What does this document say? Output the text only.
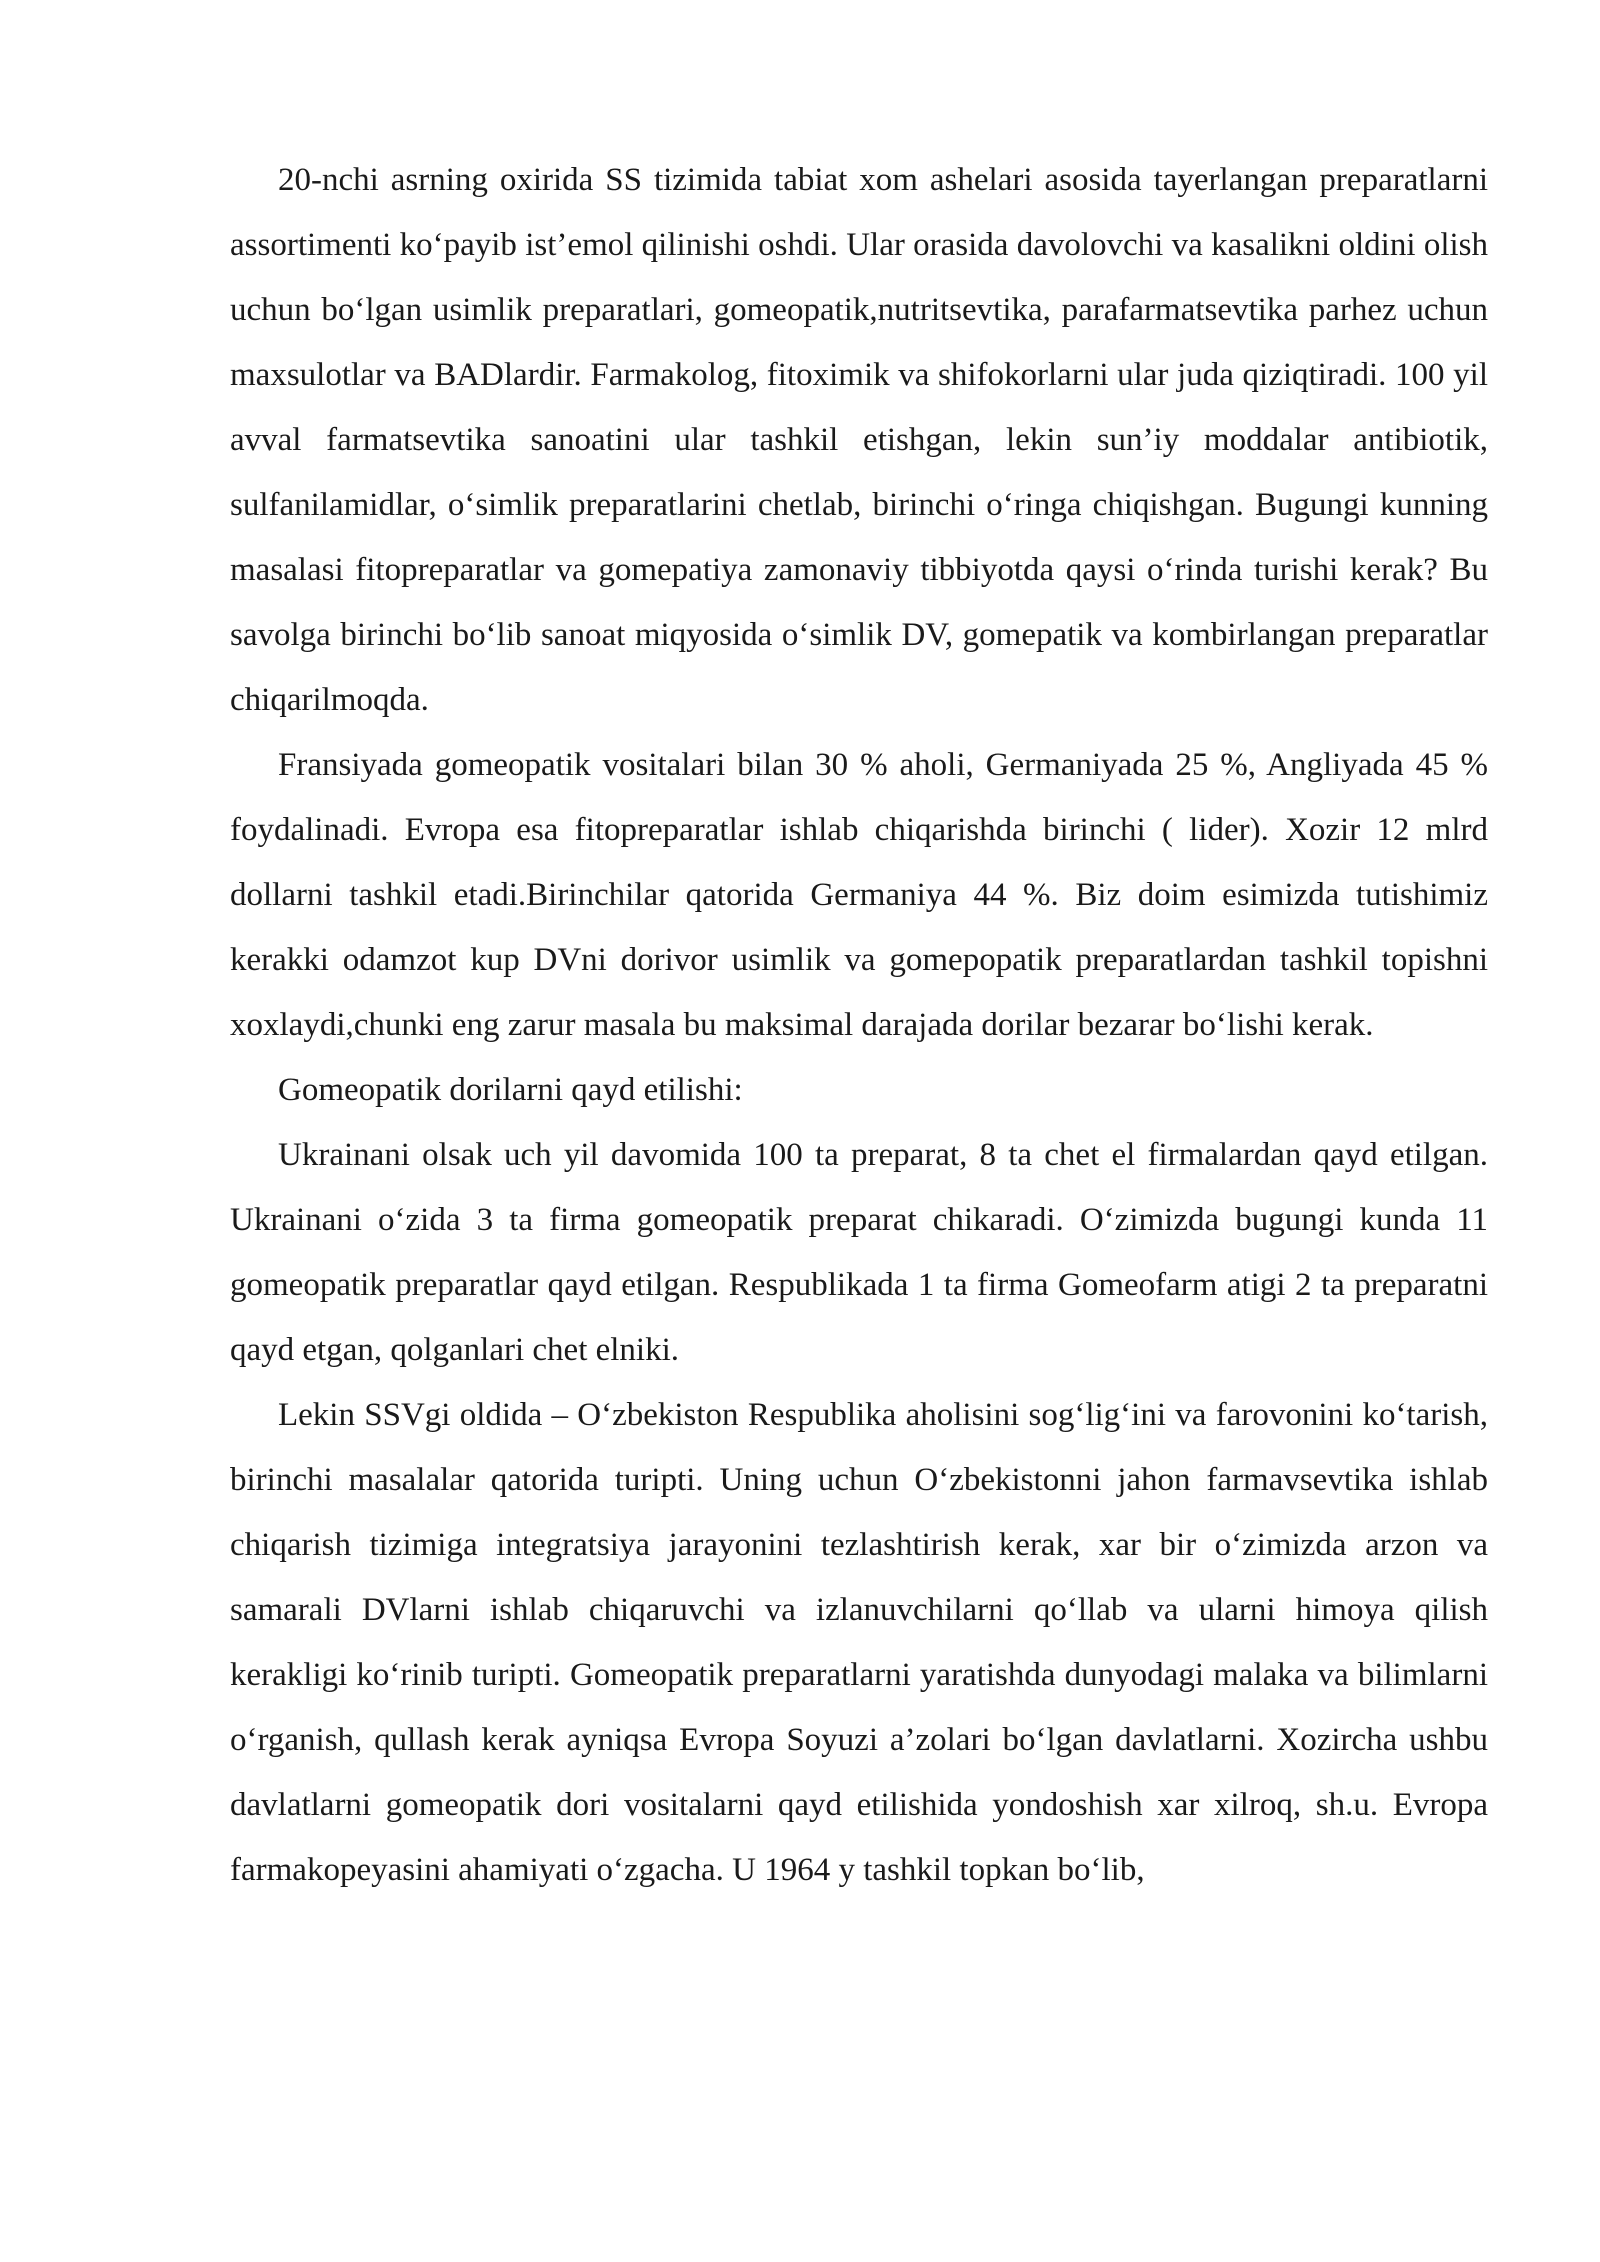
20-nchi asrning oxirida SS tizimida tabiat xom ashelari asosida tayerlangan preparatlarni assortimenti ko‘payib ist’emol qilinishi oshdi. Ular orasida davolovchi va kasalikni oldini olish uchun bo‘lgan usimlik preparatlari, gomeopatik,nutritsevtika, parafarmatsevtika parhez uchun maxsulotlar va BADlardir. Farmakolog, fitoximik va shifokorlarni ular juda qiziqtiradi. 100 yil avval farmatsevtika sanoatini ular tashkil etishgan, lekin sun’iy moddalar antibiotik, sulfanilamidlar, o‘simlik preparatlarini chetlab, birinchi o‘ringa chiqishgan. Bugungi kunning masalasi fitopreparatlar va gomepatiya zamonaviy tibbiyotda qaysi o‘rinda turishi kerak? Bu savolga birinchi bo‘lib sanoat miqyosida o‘simlik DV, gomepatik va kombirlangan preparatlar chiqarilmoqda.

Fransiyada gomeopatik vositalari bilan 30 % aholi, Germaniyada 25 %, Angliyada 45 % foydalinadi. Evropa esa fitopreparatlar ishlab chiqarishda birinchi ( lider). Xozir 12 mlrd dollarni tashkil etadi.Birinchilar qatorida Germaniya 44 %. Biz doim esimizda tutishimiz kerakki odamzot kup DVni dorivor usimlik va gomepopatik preparatlardan tashkil topishni xoxlaydi,chunki eng zarur masala bu maksimal darajada dorilar bezarar bo‘lishi kerak.

Gomeopatik dorilarni qayd etilishi:

Ukrainani olsak uch yil davomida 100 ta preparat, 8 ta chet el firmalardan qayd etilgan. Ukrainani o‘zida 3 ta firma gomeopatik preparat chikaradi. O‘zimizda bugungi kunda 11 gomeopatik preparatlar qayd etilgan. Respublikada 1 ta firma Gomeofarm atigi 2 ta preparatni qayd etgan, qolganlari chet elniki.

Lekin SSVgi oldida – O‘zbekiston Respublika aholisini sog‘lig‘ini va farovonini ko‘tarish, birinchi masalalar qatorida turipti. Uning uchun O‘zbekistonni jahon farmavsevtika ishlab chiqarish tizimiga integratsiya jarayonini tezlashtirish kerak, xar bir o‘zimizda arzon va samarali DVlarni ishlab chiqaruvchi va izlanuvchilarni qo‘llab va ularni himoya qilish kerakligi ko‘rinib turipti. Gomeopatik preparatlarni yaratishda dunyodagi malaka va bilimlarni o‘rganish, qullash kerak ayniqsa Evropa Soyuzi a’zolari bo‘lgan davlatlarni. Xozircha ushbu davlatlarni gomeopatik dori vositalarni qayd etilishida yondoshish xar xilroq, sh.u. Evropa farmakopeyasini ahamiyati o‘zgacha. U 1964 y tashkil topkan bo‘lib,
